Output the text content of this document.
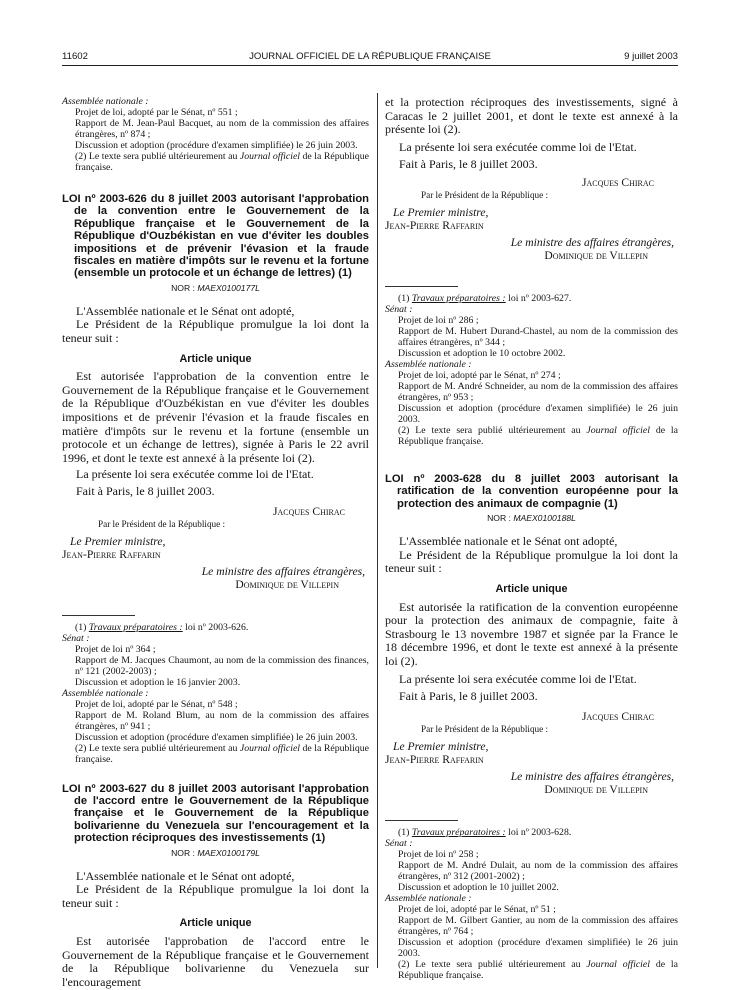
11602	JOURNAL OFFICIEL DE LA RÉPUBLIQUE FRANÇAISE	9 juillet 2003

Assemblée nationale :

Projet de loi, adopté par le Sénat, nº 551 ;

Rapport de M. Jean-Paul Bacquet, au nom de la commission des affaires étrangères, nº 874 ;

Discussion et adoption (procédure d'examen simplifiée) le 26 juin 2003.

(2) Le texte sera publié ultérieurement au Journal officiel de la République française.

LOI nº 2003-626 du 8 juillet 2003 autorisant l'approbation de la convention entre le Gouvernement de la République française et le Gouvernement de la République d'Ouzbékistan en vue d'éviter les doubles impositions et de prévenir l'évasion et la fraude fiscales en matière d'impôts sur le revenu et la fortune (ensemble un protocole et un échange de lettres) (1)

NOR : MAEX0100177L

L'Assemblée nationale et le Sénat ont adopté,

Le Président de la République promulgue la loi dont la teneur suit :

Article unique

Est autorisée l'approbation de la convention entre le Gouvernement de la République française et le Gouvernement de la République d'Ouzbékistan en vue d'éviter les doubles impositions et de prévenir l'évasion et la fraude fiscales en matière d'impôts sur le revenu et la fortune (ensemble un protocole et un échange de lettres), signée à Paris le 22 avril 1996, et dont le texte est annexé à la présente loi (2).

La présente loi sera exécutée comme loi de l'Etat.

Fait à Paris, le 8 juillet 2003.

Jacques Chirac

Par le Président de la République :

Le Premier ministre,

Jean-Pierre Raffarin

Le ministre des affaires étrangères,

Dominique de Villepin

(1) Travaux préparatoires : loi nº 2003-626.

Sénat :

Projet de loi nº 364 ;

Rapport de M. Jacques Chaumont, au nom de la commission des finances, nº 121 (2002-2003) ;

Discussion et adoption le 16 janvier 2003.

Assemblée nationale :

Projet de loi, adopté par le Sénat, nº 548 ;

Rapport de M. Roland Blum, au nom de la commission des affaires étrangères, nº 941 ;

Discussion et adoption (procédure d'examen simplifiée) le 26 juin 2003.

(2) Le texte sera publié ultérieurement au Journal officiel de la République française.

LOI nº 2003-627 du 8 juillet 2003 autorisant l'approbation de l'accord entre le Gouvernement de la République française et le Gouvernement de la République bolivarienne du Venezuela sur l'encouragement et la protection réciproques des investissements (1)

NOR : MAEX0100179L

L'Assemblée nationale et le Sénat ont adopté,

Le Président de la République promulgue la loi dont la teneur suit :

Article unique

Est autorisée l'approbation de l'accord entre le Gouvernement de la République française et le Gouvernement de la République bolivarienne du Venezuela sur l'encouragement

et la protection réciproques des investissements, signé à Caracas le 2 juillet 2001, et dont le texte est annexé à la présente loi (2).

La présente loi sera exécutée comme loi de l'Etat.

Fait à Paris, le 8 juillet 2003.

Jacques Chirac

Par le Président de la République :

Le Premier ministre,

Jean-Pierre Raffarin

Le ministre des affaires étrangères,

Dominique de Villepin

(1) Travaux préparatoires : loi nº 2003-627.

Sénat :

Projet de loi nº 286 ;

Rapport de M. Hubert Durand-Chastel, au nom de la commission des affaires étrangères, nº 344 ;

Discussion et adoption le 10 octobre 2002.

Assemblée nationale :

Projet de loi, adopté par le Sénat, nº 274 ;

Rapport de M. André Schneider, au nom de la commission des affaires étrangères, nº 953 ;

Discussion et adoption (procédure d'examen simplifiée) le 26 juin 2003.

(2) Le texte sera publié ultérieurement au Journal officiel de la République française.

LOI nº 2003-628 du 8 juillet 2003 autorisant la ratification de la convention européenne pour la protection des animaux de compagnie (1)

NOR : MAEX0100188L

L'Assemblée nationale et le Sénat ont adopté,

Le Président de la République promulgue la loi dont la teneur suit :

Article unique

Est autorisée la ratification de la convention européenne pour la protection des animaux de compagnie, faite à Strasbourg le 13 novembre 1987 et signée par la France le 18 décembre 1996, et dont le texte est annexé à la présente loi (2).

La présente loi sera exécutée comme loi de l'Etat.

Fait à Paris, le 8 juillet 2003.

Jacques Chirac

Par le Président de la République :

Le Premier ministre,

Jean-Pierre Raffarin

Le ministre des affaires étrangères,

Dominique de Villepin

(1) Travaux préparatoires : loi nº 2003-628.

Sénat :

Projet de loi nº 258 ;

Rapport de M. André Dulait, au nom de la commission des affaires étrangères, nº 312 (2001-2002) ;

Discussion et adoption le 10 juillet 2002.

Assemblée nationale :

Projet de loi, adopté par le Sénat, nº 51 ;

Rapport de M. Gilbert Gantier, au nom de la commission des affaires étrangères, nº 764 ;

Discussion et adoption (procédure d'examen simplifiée) le 26 juin 2003.

(2) Le texte sera publié ultérieurement au Journal officiel de la République française.
